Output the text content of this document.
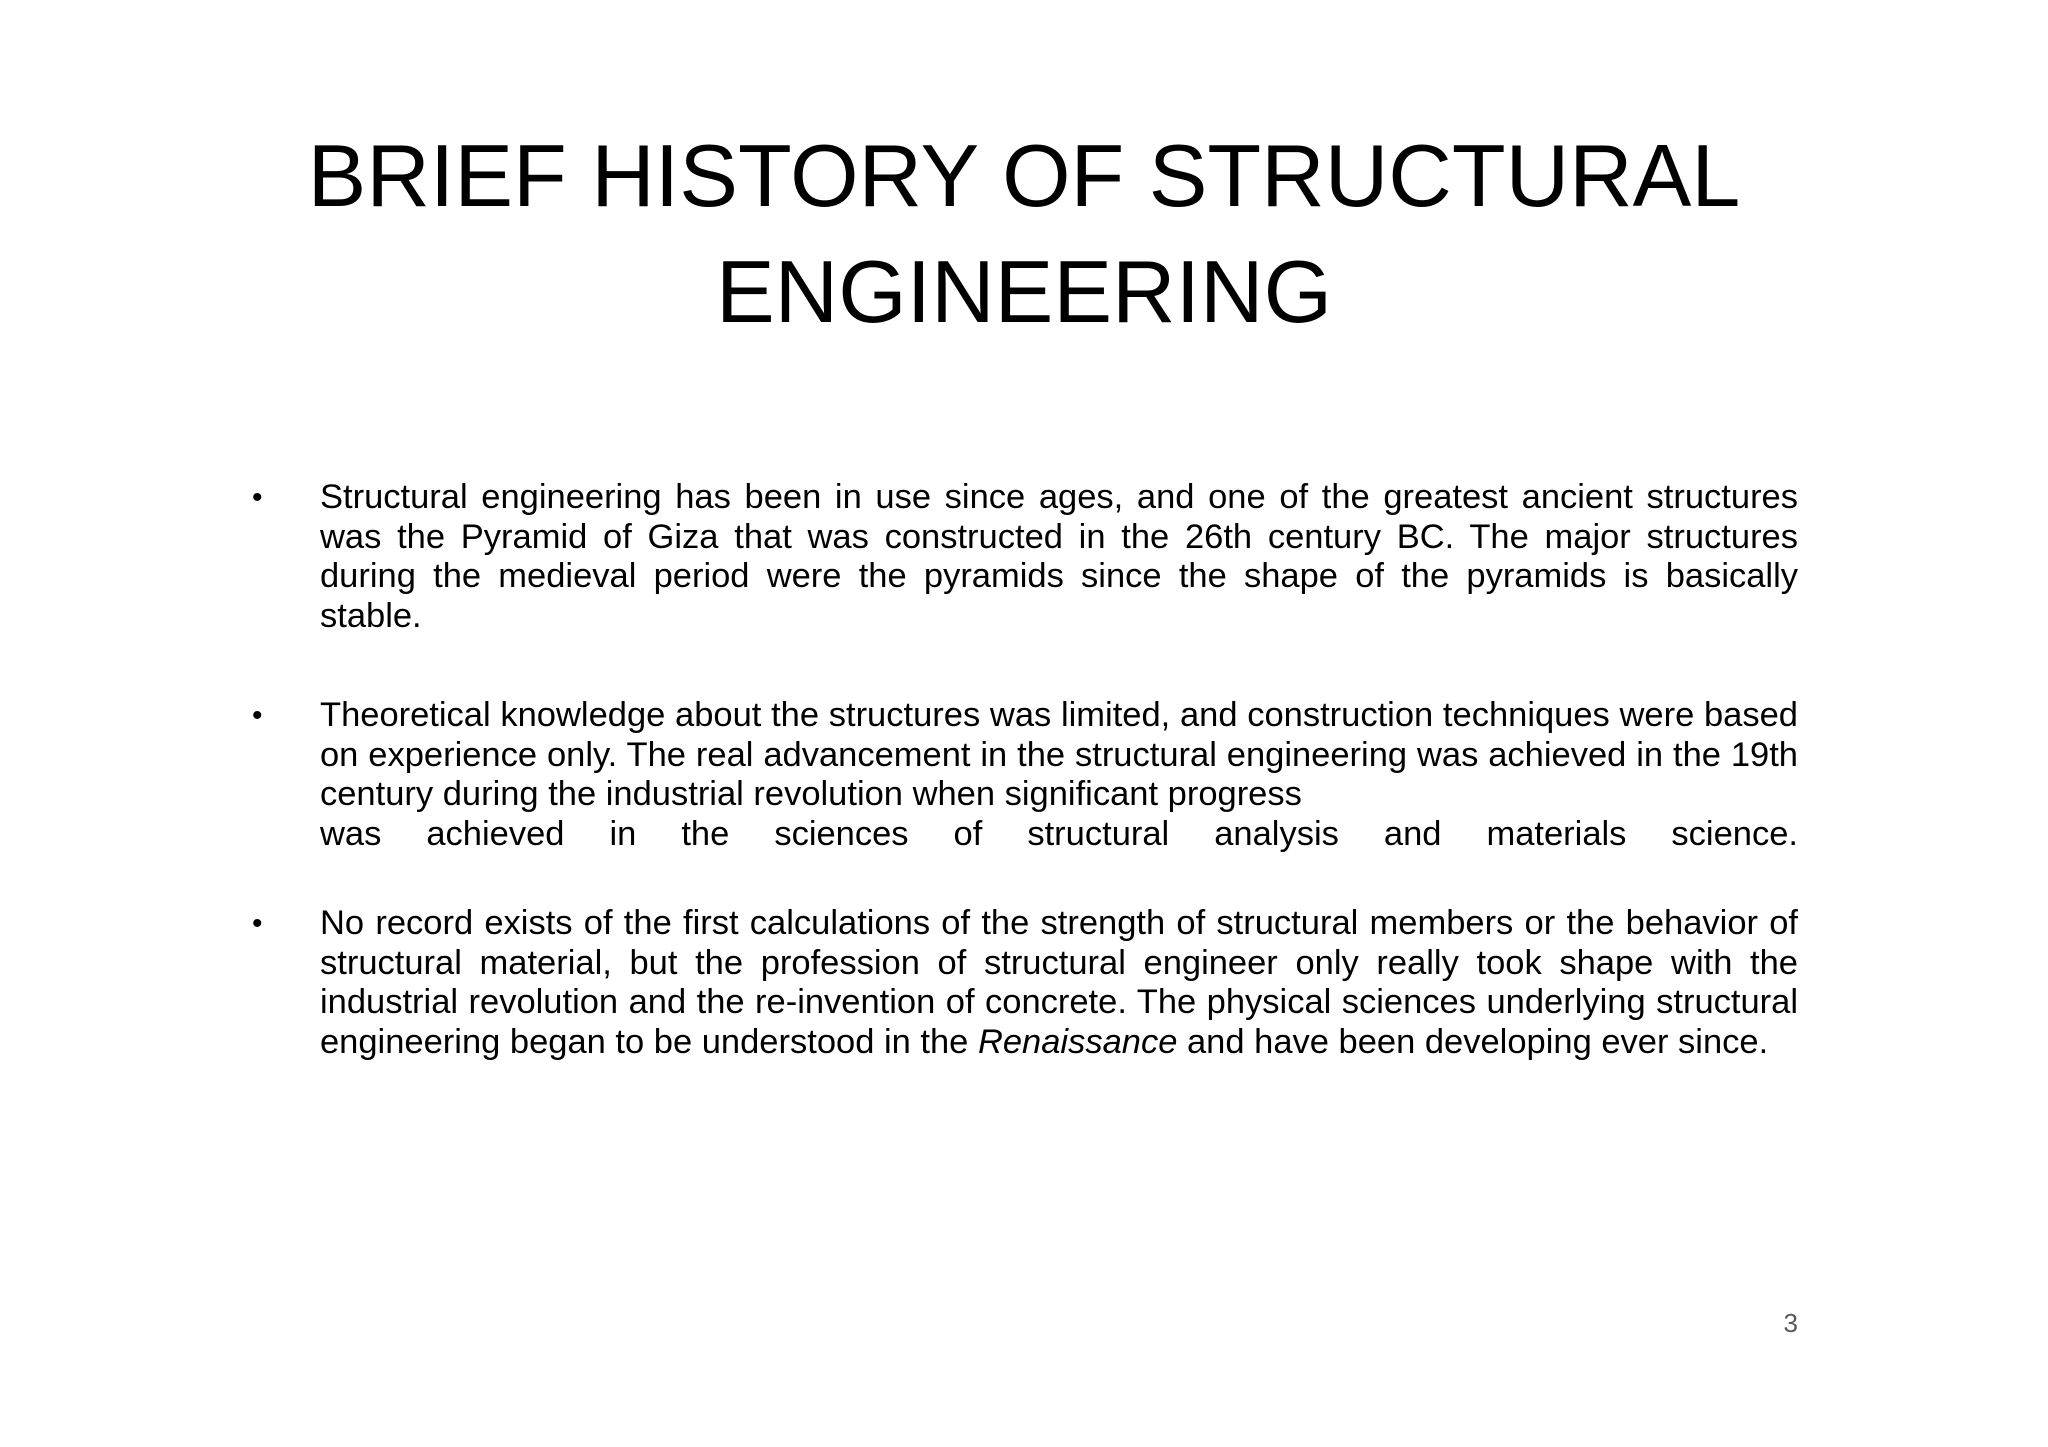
BRIEF HISTORY OF STRUCTURAL
ENGINEERING

• Structural engineering has been in use since ages, and one of the greatest ancient structures was the Pyramid of Giza that was constructed in the 26th century BC. The major structures during the medieval period were the pyramids since the shape of the pyramids is basically stable.

• Theoretical knowledge about the structures was limited, and construction techniques were based on experience only. The real advancement in the structural engineering was achieved in the 19th century during the industrial revolution when significant progress
was achieved in the sciences of structural analysis and materials science.

• No record exists of the first calculations of the strength of structural members or the behavior of structural material, but the profession of structural engineer only really took shape with the industrial revolution and the re-invention of concrete. The physical sciences underlying structural engineering began to be understood in the Renaissance and have been developing ever since.

3
